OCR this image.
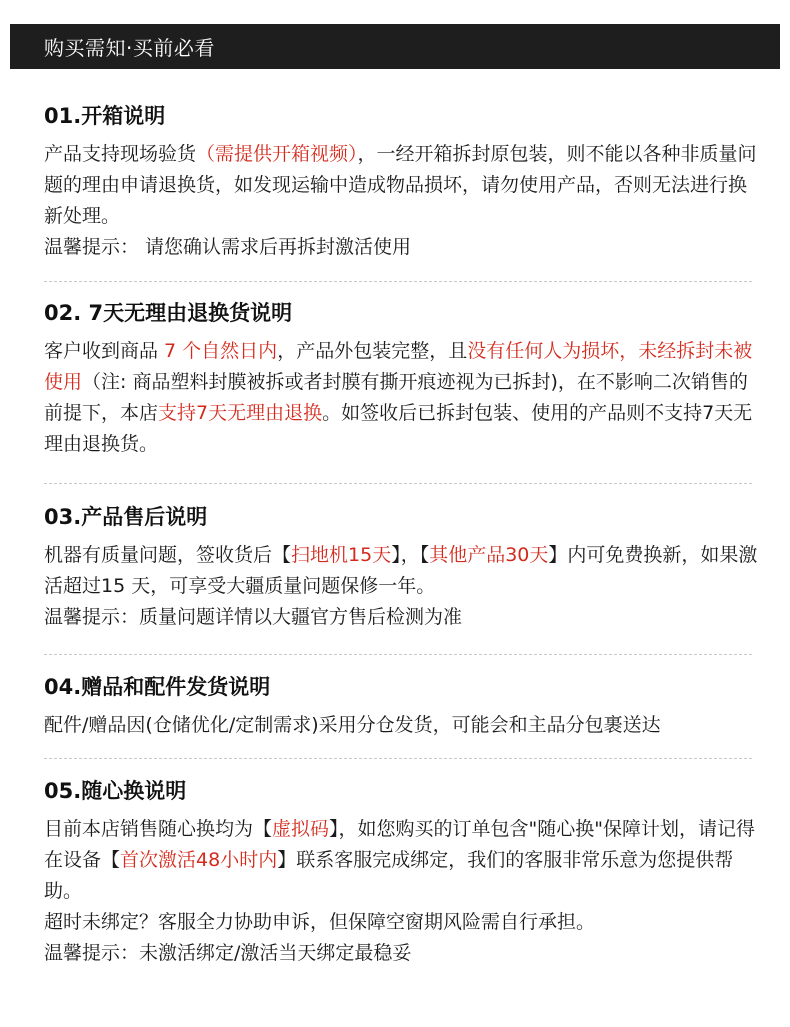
购买需知·买前必看
01.开箱说明

产品支持现场验货（需提供开箱视频），一经开箱拆封原包装，则不能以各种非质量问题的理由申请退换货，如发现运输中造成物品损坏，请勿使用产品，否则无法进行换新处理。

温馨提示： 请您确认需求后再拆封激活使用

02. 7天无理由退换货说明

客户收到商品 7 个自然日内，产品外包装完整，且没有任何人为损坏，未经拆封未被使用（注: 商品塑料封膜被拆或者封膜有撕开痕迹视为已拆封)，在不影响二次销售的前提下，本店支持7天无理由退换。如签收后已拆封包装、使用的产品则不支持7天无理由退换货。

03.产品售后说明

机器有质量问题，签收货后【扫地机15天】，【其他产品30天】内可免费换新，如果激活超过15 天，可享受大疆质量问题保修一年。

温馨提示：质量问题详情以大疆官方售后检测为准

04.赠品和配件发货说明

配件/赠品因(仓储优化/定制需求)采用分仓发货，可能会和主品分包裹送达

05.随心换说明

目前本店销售随心换均为【虚拟码】，如您购买的订单包含"随心换"保障计划，请记得在设备【首次激活48小时内】联系客服完成绑定，我们的客服非常乐意为您提供帮助。

超时未绑定？客服全力协助申诉，但保障空窗期风险需自行承担。

温馨提示：未激活绑定/激活当天绑定最稳妥
